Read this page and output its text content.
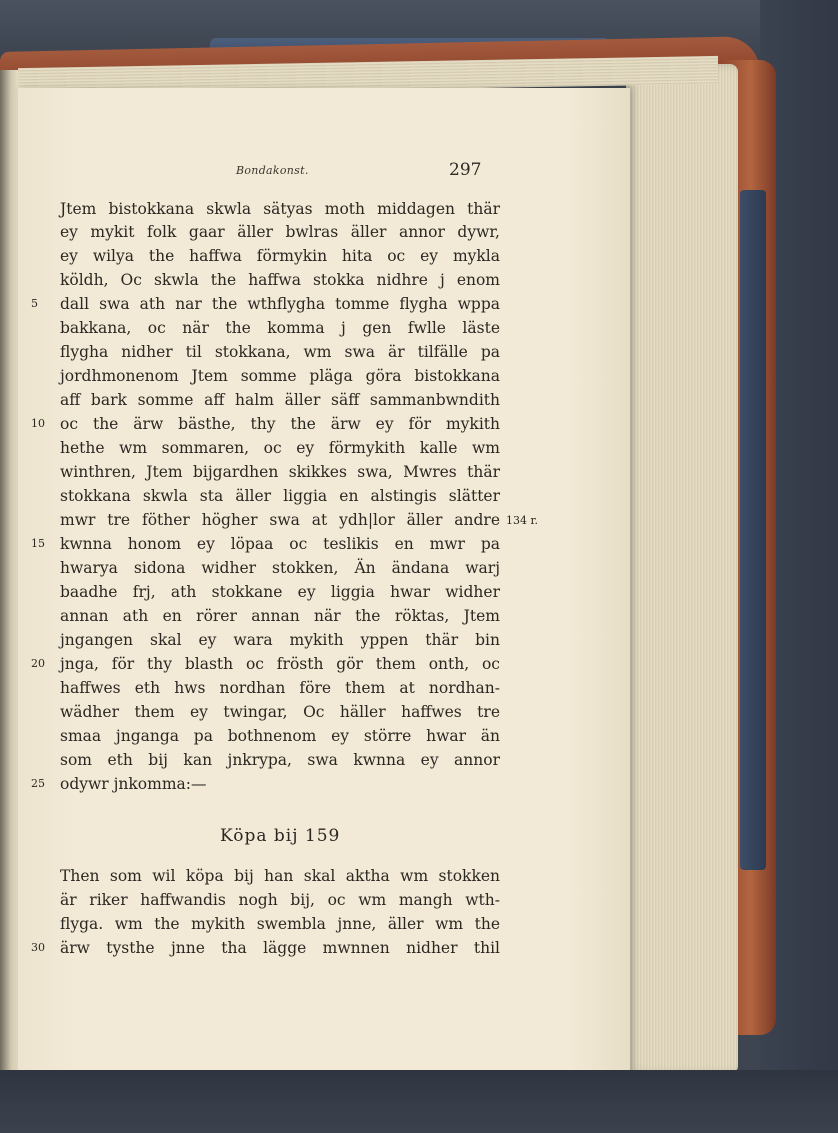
Bondakonst.	297
Jtem bistokkana skwla sätyas moth middagen thär
ey mykit folk gaar äller bwlras äller annor dywr,
ey wilya the haffwa förmykin hita oc ey mykla
köldh, Oc skwla the haffwa stokka nidhre j enom
dall swa ath nar the wthflygha tomme flygha wppa
bakkana, oc när the komma j gen fwlle läste
flygha nidher til stokkana, wm swa är tilfälle pa
jordhmonenom Jtem somme pläga göra bistokkana
aff bark somme aff halm äller säff sammanbwndith
oc the ärw bästhe, thy the ärw ey för mykith
hethe wm sommaren, oc ey förmykith kalle wm
winthren, Jtem bijgardhen skikkes swa, Mwres thär
stokkana skwla sta äller liggia en alstingis slätter
mwr tre föther högher swa at ydh|lor äller andre
kwnna honom ey löpaa oc teslikis en mwr pa
hwarya sidona widher stokken, Än ändana warj
baadhe frj, ath stokkane ey liggia hwar widher
annan ath en rörer annan när the röktas, Jtem
jngangen skal ey wara mykith yppen thär bin
jnga, för thy blasth oc frösth gör them onth, oc
haffwes eth hws nordhan före them at nordhan-
wädher them ey twingar, Oc häller haffwes tre
smaa jnganga pa bothnenom ey större hwar än
som eth bij kan jnkrypa, swa kwnna ey annor
odywr jnkomma:—
5
10
15
20
25
134 r.
Köpa bij 159
Then som wil köpa bij han skal aktha wm stokken
är riker haffwandis nogh bij, oc wm mangh wth-
flyga. wm the mykith swembla jnne, äller wm the
ärw tysthe jnne tha lägge mwnnen nidher thil
30
